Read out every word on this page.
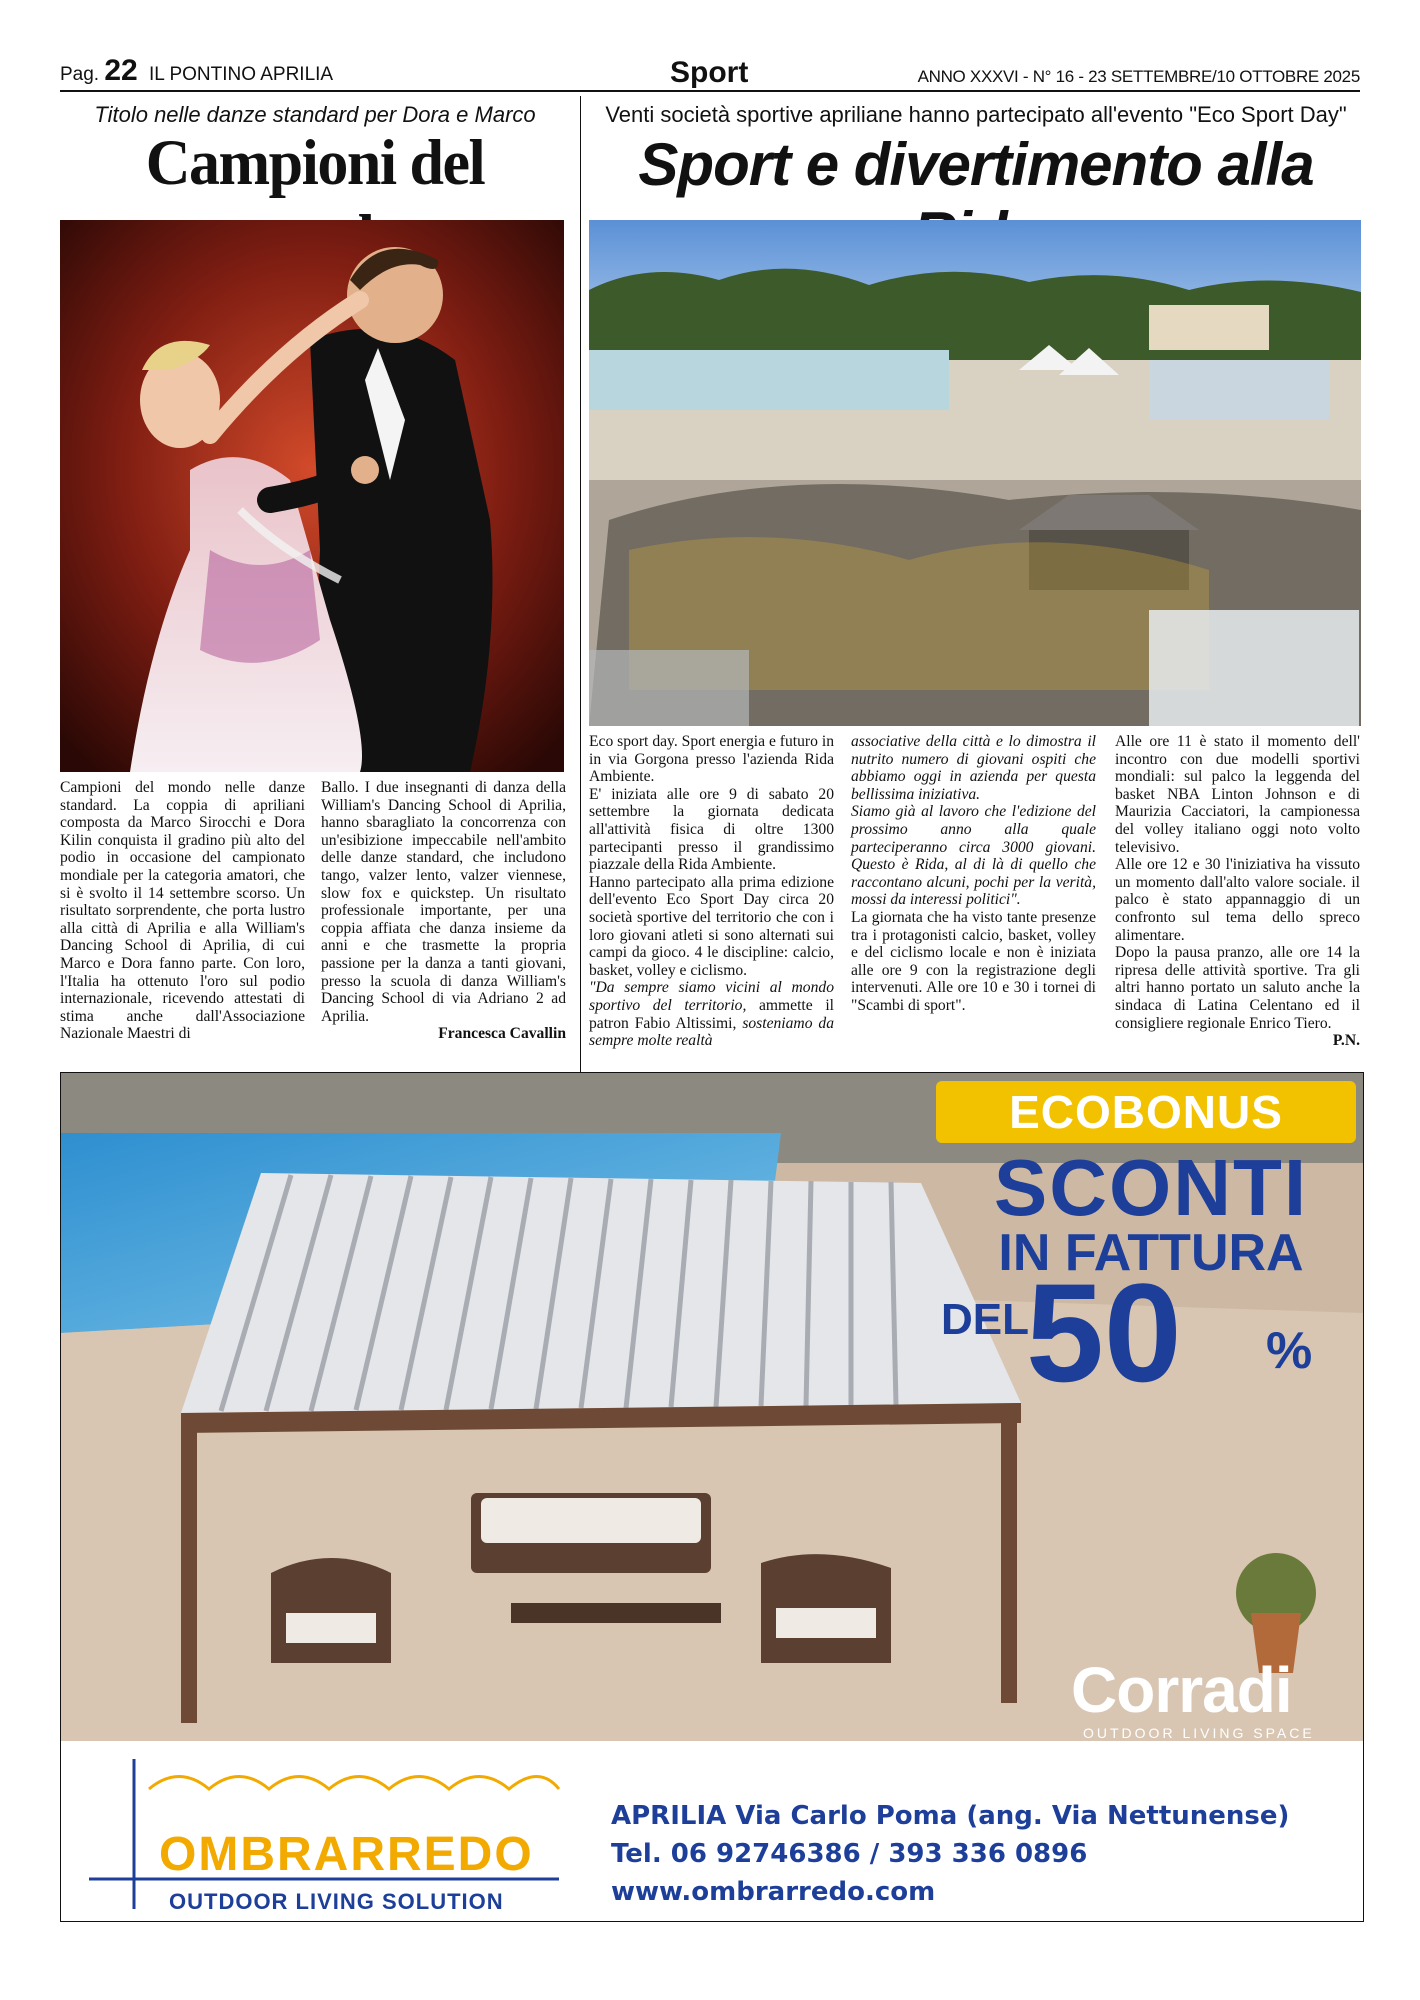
Pag. 22 IL PONTINO APRILIA	Sport	ANNO XXXVI - N° 16 - 23 SETTEMBRE/10 OTTOBRE 2025
Titolo nelle danze standard per Dora e Marco
Campioni del

Campioni del mondo nelle danze standard. La coppia di apriliani composta da Marco Sirocchi e Dora Kilin conquista il gradino più alto del podio in occasione del campionato mondiale per la categoria amatori, che si è svolto il 14 settembre scorso. Un risultato sorprendente, che porta lustro alla città di Aprilia e alla William's Dancing School di Aprilia, di cui Marco e Dora fanno parte. Con loro, l'Italia ha ottenuto l'oro sul podio internazionale, ricevendo attestati di stima anche dall'Associazione Nazionale Maestri di

Ballo. I due insegnanti di danza della William's Dancing School di Aprilia, hanno sbaragliato la concorrenza con un'esibizione impeccabile nell'ambito delle danze standard, che includono tango, valzer lento, valzer viennese, slow fox e quickstep. Un risultato professionale importante, per una coppia affiata che danza insieme da anni e che trasmette la propria passione per la danza a tanti giovani, presso la scuola di danza William's Dancing School di via Adriano 2 ad Aprilia.

Francesca Cavallin

Venti società sportive apriliane hanno partecipato all'evento "Eco Sport Day"
Sport e divertimento alla

Eco sport day. Sport energia e futuro in in via Gorgona presso l'azienda Rida Ambiente.

E' iniziata alle ore 9 di sabato 20 settembre la giornata dedicata all'attività fisica di oltre 1300 partecipanti presso il grandissimo piazzale della Rida Ambiente.

Hanno partecipato alla prima edizione dell'evento Eco Sport Day circa 20 società sportive del territorio che con i loro giovani atleti si sono alternati sui campi da gioco. 4 le discipline: calcio, basket, volley e ciclismo.

"Da sempre siamo vicini al mondo sportivo del territorio, ammette il patron Fabio Altissimi, sosteniamo da sempre molte realtà

associative della città e lo dimostra il nutrito numero di giovani ospiti che abbiamo oggi in azienda per questa bellissima iniziativa.

Siamo già al lavoro che l'edizione del prossimo anno alla quale parteciperanno circa 3000 giovani. Questo è Rida, al di là di quello che raccontano alcuni, pochi per la verità, mossi da interessi politici".

La giornata che ha visto tante presenze tra i protagonisti calcio, basket, volley e del ciclismo locale e non è iniziata alle ore 9 con la registrazione degli intervenuti. Alle ore 10 e 30 i tornei di "Scambi di sport".

Alle ore 11 è stato il momento dell' incontro con due modelli sportivi mondiali: sul palco la leggenda del basket NBA Linton Johnson e di Maurizia Cacciatori, la campionessa del volley italiano oggi noto volto televisivo.

Alle ore 12 e 30 l'iniziativa ha vissuto un momento dall'alto valore sociale. il palco è stato appannaggio di un confronto sul tema dello spreco alimentare.

Dopo la pausa pranzo, alle ore 14 la ripresa delle attività sportive. Tra gli altri hanno portato un saluto anche la sindaca di Latina Celentano ed il consigliere regionale Enrico Tiero.

P.N.

ECOBONUS
SCONTI
IN FATTURA
DEL
50 %
Corradi
OUTDOOR LIVING SPACE
OMBRARREDO
OUTDOOR LIVING SOLUTION
APRILIA Via Carlo Poma (ang. Via Nettunense)
Tel. 06 92746386 / 393 336 0896
www.ombrarredo.com
